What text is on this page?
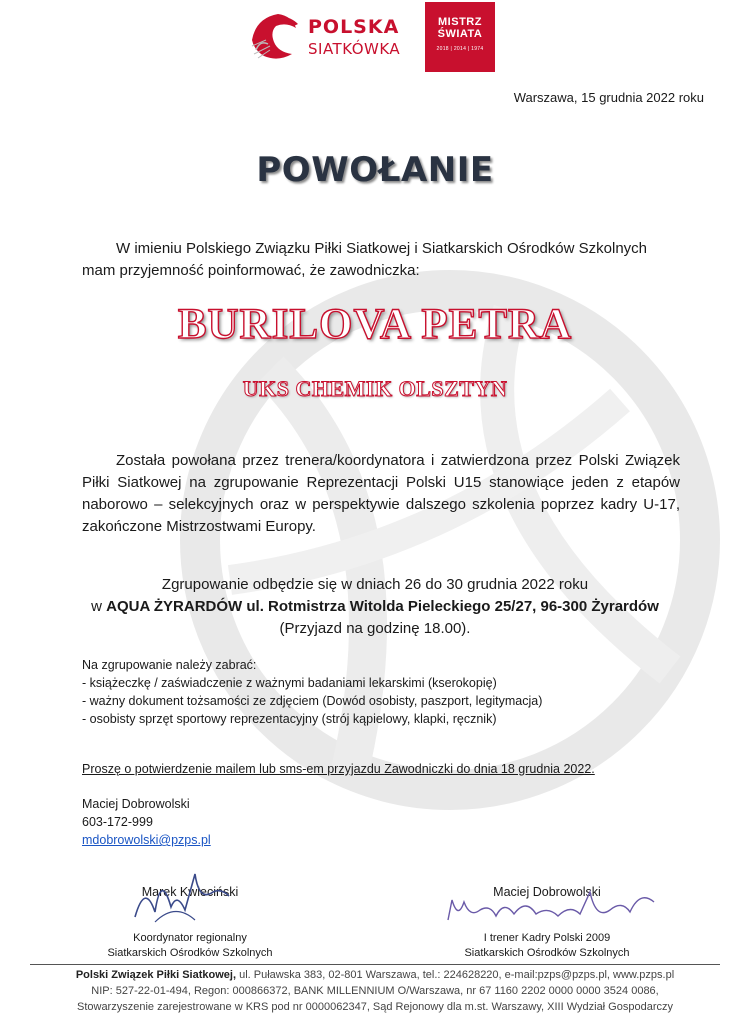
POLSKA
SIATKÓWKA
MISTRZ
ŚWIATA
2018 | 2014 | 1974
Warszawa, 15 grudnia 2022 roku
POWOŁANIE
W imieniu Polskiego Związku Piłki Siatkowej i Siatkarskich Ośrodków Szkolnych
mam przyjemność poinformować, że zawodniczka:
BURILOVA PETRA
UKS CHEMIK OLSZTYN
Została powołana przez trenera/koordynatora i zatwierdzona przez Polski Związek Piłki Siatkowej na zgrupowanie Reprezentacji Polski U15 stanowiące jeden z etapów naborowo – selekcyjnych oraz w perspektywie dalszego szkolenia poprzez kadry U-17, zakończone Mistrzostwami Europy.
Zgrupowanie odbędzie się w dniach 26 do 30 grudnia 2022 roku
w AQUA ŻYRARDÓW ul. Rotmistrza Witolda Pieleckiego 25/27, 96-300 Żyrardów
(Przyjazd na godzinę 18.00).
Na zgrupowanie należy zabrać:
- książeczkę / zaświadczenie z ważnymi badaniami lekarskimi (kserokopię)
- ważny dokument tożsamości ze zdjęciem (Dowód osobisty, paszport, legitymacja)
- osobisty sprzęt sportowy reprezentacyjny (strój kąpielowy, klapki, ręcznik)
Proszę o potwierdzenie mailem lub sms-em przyjazdu Zawodniczki do dnia 18 grudnia 2022.
Maciej Dobrowolski
603-172-999
mdobrowolski@pzps.pl
Marek Kwieciński
Koordynator regionalny
Siatkarskich Ośrodków Szkolnych
Maciej Dobrowolski
I trener Kadry Polski 2009
Siatkarskich Ośrodków Szkolnych
Polski Związek Piłki Siatkowej, ul. Puławska 383, 02-801 Warszawa, tel.: 224628220, e-mail:pzps@pzps.pl, www.pzps.pl
NIP: 527-22-01-494, Regon: 000866372, BANK MILLENNIUM O/Warszawa, nr 67 1160 2202 0000 0000 3524 0086,
Stowarzyszenie zarejestrowane w KRS pod nr 0000062347, Sąd Rejonowy dla m.st. Warszawy, XIII Wydział Gospodarczy
